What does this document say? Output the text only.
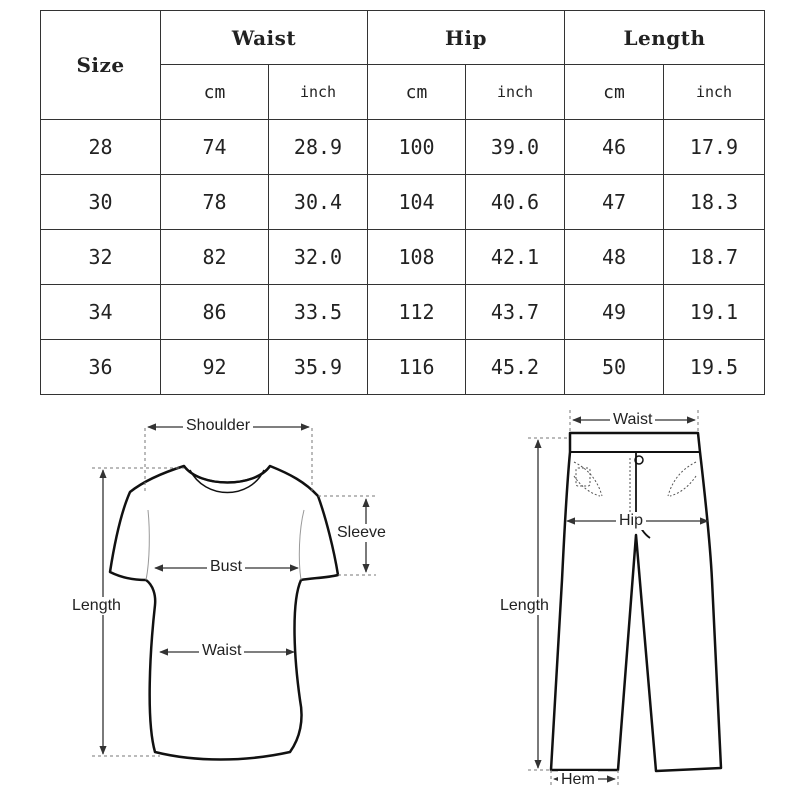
Size	Waist		Hip		Length	
	cm	inch	cm	inch	cm	inch
28	74	28.9	100	39.0	46	17.9
30	78	30.4	104	40.6	47	18.3
32	82	32.0	108	42.1	48	18.7
34	86	33.5	112	43.7	49	19.1
36	92	35.9	116	45.2	50	19.5
Shoulder
Sleeve
Bust
Length
Waist
Waist
Hip
Length
Hem
